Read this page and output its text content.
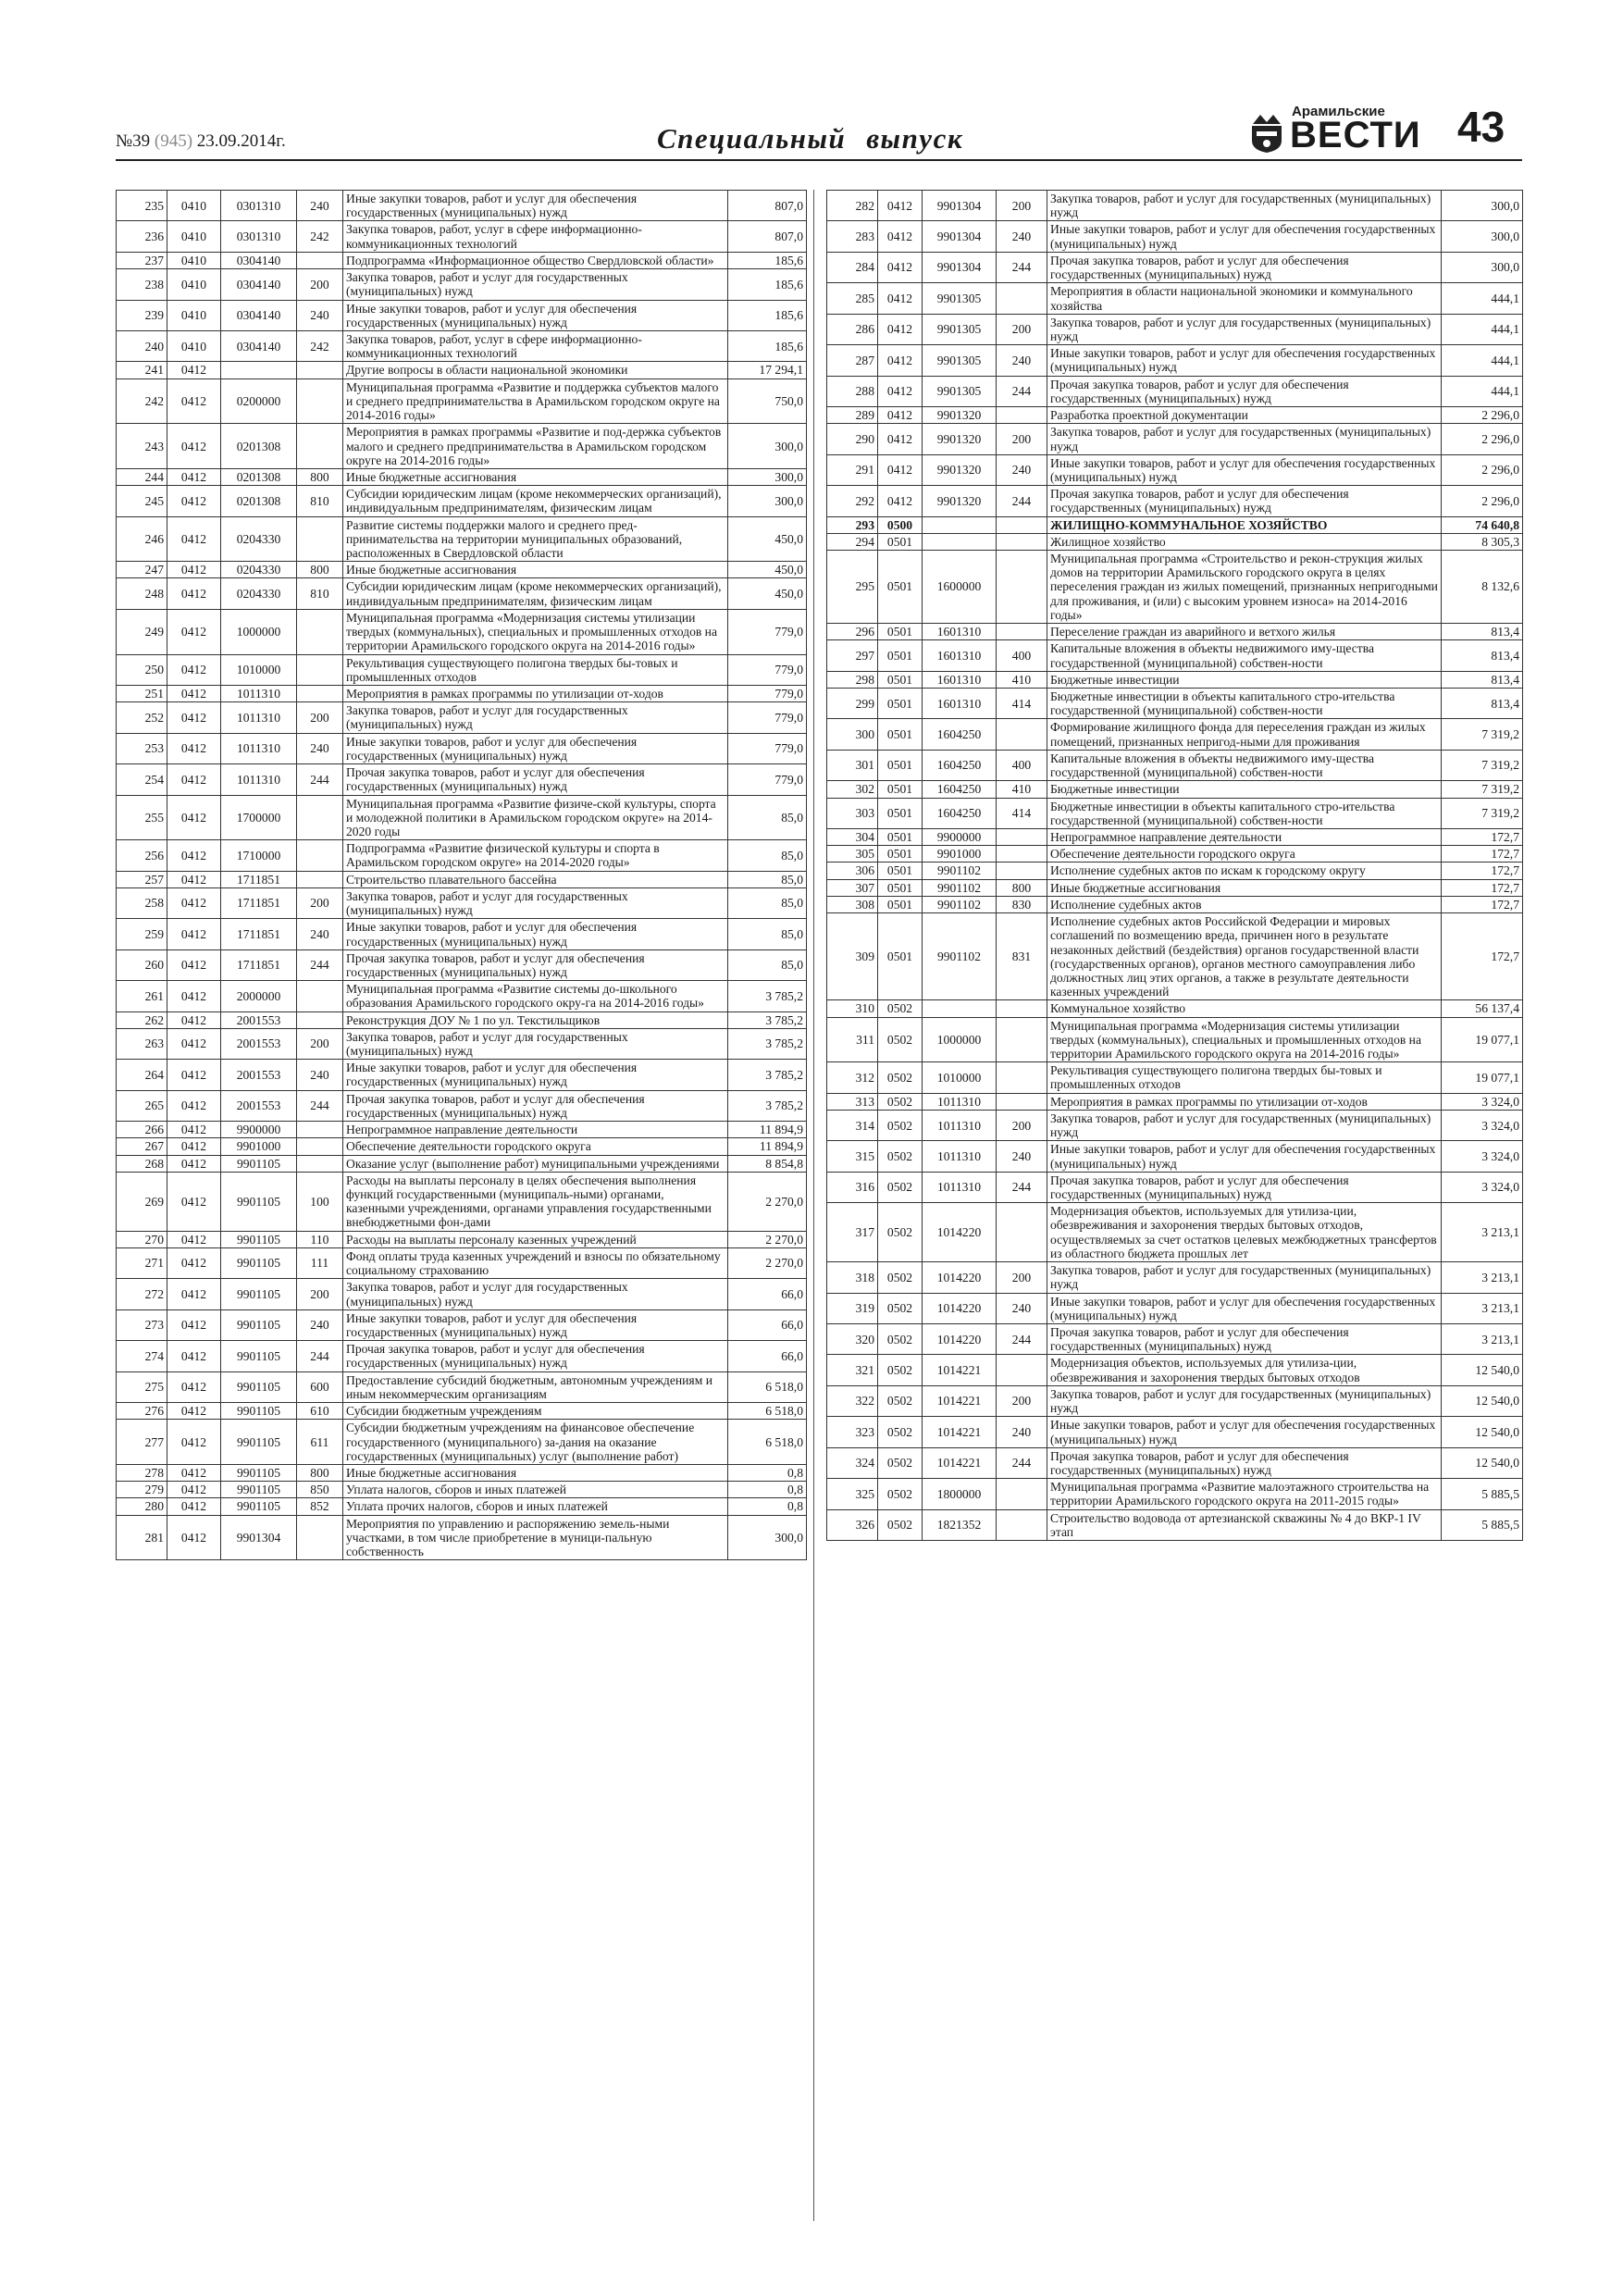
№39 (945) 23.09.2014г.	Специальный выпуск
Арамильские
ВЕСТИ 43
235	0410	0301310	240	Иные закупки товаров, работ и услуг для обеспечения государственных (муниципальных) нужд	807,0
236	0410	0301310	242	Закупка товаров, работ, услуг в сфере информационно-коммуникационных технологий	807,0
237	0410	0304140		Подпрограмма «Информационное общество Свердловской области»	185,6
238	0410	0304140	200	Закупка товаров, работ и услуг для государственных (муниципальных) нужд	185,6
239	0410	0304140	240	Иные закупки товаров, работ и услуг для обеспечения государственных (муниципальных) нужд	185,6
240	0410	0304140	242	Закупка товаров, работ, услуг в сфере информационно-коммуникационных технологий	185,6
241	0412			Другие вопросы в области национальной экономики	17 294,1
242	0412	0200000		Муниципальная программа «Развитие и поддержка субъектов малого и среднего предпринимательства в Арамильском городском округе на 2014-2016 годы»	750,0
243	0412	0201308		Мероприятия в рамках программы «Развитие и под-держка субъектов малого и среднего предпринимательства в Арамильском городском округе на 2014-2016 годы»	300,0
244	0412	0201308	800	Иные бюджетные ассигнования	300,0
245	0412	0201308	810	Субсидии юридическим лицам (кроме некоммерческих организаций), индивидуальным предпринимателям, физическим лицам	300,0
246	0412	0204330		Развитие системы поддержки малого и среднего пред-принимательства на территории муниципальных образований, расположенных в Свердловской области	450,0
247	0412	0204330	800	Иные бюджетные ассигнования	450,0
248	0412	0204330	810	Субсидии юридическим лицам (кроме некоммерческих организаций), индивидуальным предпринимателям, физическим лицам	450,0
249	0412	1000000		Муниципальная программа «Модернизация системы утилизации твердых (коммунальных), специальных и промышленных отходов на территории Арамильского городского округа на 2014-2016 годы»	779,0
250	0412	1010000		Рекультивация существующего полигона твердых бы-товых и промышленных отходов	779,0
251	0412	1011310		Мероприятия в рамках программы по утилизации от-ходов	779,0
252	0412	1011310	200	Закупка товаров, работ и услуг для государственных (муниципальных) нужд	779,0
253	0412	1011310	240	Иные закупки товаров, работ и услуг для обеспечения государственных (муниципальных) нужд	779,0
254	0412	1011310	244	Прочая закупка товаров, работ и услуг для обеспечения государственных (муниципальных) нужд	779,0
255	0412	1700000		Муниципальная программа «Развитие физиче-ской культуры, спорта и молодежной политики в Арамильском городском округе» на 2014-2020 годы	85,0
256	0412	1710000		Подпрограмма «Развитие физической культуры и спорта в Арамильском городском округе» на 2014-2020 годы»	85,0
257	0412	1711851		Строительство плавательного бассейна	85,0
258	0412	1711851	200	Закупка товаров, работ и услуг для государственных (муниципальных) нужд	85,0
259	0412	1711851	240	Иные закупки товаров, работ и услуг для обеспечения государственных (муниципальных) нужд	85,0
260	0412	1711851	244	Прочая закупка товаров, работ и услуг для обеспечения государственных (муниципальных) нужд	85,0
261	0412	2000000		Муниципальная программа «Развитие системы до-школьного образования Арамильского городского окру-га на 2014-2016 годы»	3 785,2
262	0412	2001553		Реконструкция ДОУ № 1 по ул. Текстильщиков	3 785,2
263	0412	2001553	200	Закупка товаров, работ и услуг для государственных (муниципальных) нужд	3 785,2
264	0412	2001553	240	Иные закупки товаров, работ и услуг для обеспечения государственных (муниципальных) нужд	3 785,2
265	0412	2001553	244	Прочая закупка товаров, работ и услуг для обеспечения государственных (муниципальных) нужд	3 785,2
266	0412	9900000		Непрограммное направление деятельности	11 894,9
267	0412	9901000		Обеспечение деятельности городского округа	11 894,9
268	0412	9901105		Оказание услуг (выполнение работ) муниципальными учреждениями	8 854,8
269	0412	9901105	100	Расходы на выплаты персоналу в целях обеспечения выполнения функций государственными (муниципаль-ными) органами, казенными учреждениями, органами управления государственными внебюджетными фон-дами	2 270,0
270	0412	9901105	110	Расходы на выплаты персоналу казенных учреждений	2 270,0
271	0412	9901105	111	Фонд оплаты труда казенных учреждений и взносы по обязательному социальному страхованию	2 270,0
272	0412	9901105	200	Закупка товаров, работ и услуг для государственных (муниципальных) нужд	66,0
273	0412	9901105	240	Иные закупки товаров, работ и услуг для обеспечения государственных (муниципальных) нужд	66,0
274	0412	9901105	244	Прочая закупка товаров, работ и услуг для обеспечения государственных (муниципальных) нужд	66,0
275	0412	9901105	600	Предоставление субсидий бюджетным, автономным учреждениям и иным некоммерческим организациям	6 518,0
276	0412	9901105	610	Субсидии бюджетным учреждениям	6 518,0
277	0412	9901105	611	Субсидии бюджетным учреждениям на финансовое обеспечение государственного (муниципального) за-дания на оказание государственных (муниципальных) услуг (выполнение работ)	6 518,0
278	0412	9901105	800	Иные бюджетные ассигнования	0,8
279	0412	9901105	850	Уплата налогов, сборов и иных платежей	0,8
280	0412	9901105	852	Уплата прочих налогов, сборов и иных платежей	0,8
281	0412	9901304		Мероприятия по управлению и распоряжению земель-ными участками, в том числе приобретение в муници-пальную собственность	300,0
282	0412	9901304	200	Закупка товаров, работ и услуг для государственных (муниципальных) нужд	300,0
283	0412	9901304	240	Иные закупки товаров, работ и услуг для обеспечения государственных (муниципальных) нужд	300,0
284	0412	9901304	244	Прочая закупка товаров, работ и услуг для обеспечения государственных (муниципальных) нужд	300,0
285	0412	9901305		Мероприятия в области национальной экономики и коммунального хозяйства	444,1
286	0412	9901305	200	Закупка товаров, работ и услуг для государственных (муниципальных) нужд	444,1
287	0412	9901305	240	Иные закупки товаров, работ и услуг для обеспечения государственных (муниципальных) нужд	444,1
288	0412	9901305	244	Прочая закупка товаров, работ и услуг для обеспечения государственных (муниципальных) нужд	444,1
289	0412	9901320		Разработка проектной документации	2 296,0
290	0412	9901320	200	Закупка товаров, работ и услуг для государственных (муниципальных) нужд	2 296,0
291	0412	9901320	240	Иные закупки товаров, работ и услуг для обеспечения государственных (муниципальных) нужд	2 296,0
292	0412	9901320	244	Прочая закупка товаров, работ и услуг для обеспечения государственных (муниципальных) нужд	2 296,0
293	0500			ЖИЛИЩНО-КОММУНАЛЬНОЕ ХОЗЯЙСТВО	74 640,8
294	0501			Жилищное хозяйство	8 305,3
295	0501	1600000		Муниципальная программа «Строительство и рекон-струкция жилых домов на территории Арамильского городского округа в целях переселения граждан из жилых помещений, признанных непригодными для проживания, и (или) с высоким уровнем износа» на 2014-2016 годы»	8 132,6
296	0501	1601310		Переселение граждан из аварийного и ветхого жилья	813,4
297	0501	1601310	400	Капитальные вложения в объекты недвижимого иму-щества государственной (муниципальной) собствен-ности	813,4
298	0501	1601310	410	Бюджетные инвестиции	813,4
299	0501	1601310	414	Бюджетные инвестиции в объекты капитального стро-ительства государственной (муниципальной) собствен-ности	813,4
300	0501	1604250		Формирование жилищного фонда для переселения граждан из жилых помещений, признанных непригод-ными для проживания	7 319,2
301	0501	1604250	400	Капитальные вложения в объекты недвижимого иму-щества государственной (муниципальной) собствен-ности	7 319,2
302	0501	1604250	410	Бюджетные инвестиции	7 319,2
303	0501	1604250	414	Бюджетные инвестиции в объекты капитального стро-ительства государственной (муниципальной) собствен-ности	7 319,2
304	0501	9900000		Непрограммное направление деятельности	172,7
305	0501	9901000		Обеспечение деятельности городского округа	172,7
306	0501	9901102		Исполнение судебных актов по искам к городскому округу	172,7
307	0501	9901102	800	Иные бюджетные ассигнования	172,7
308	0501	9901102	830	Исполнение судебных актов	172,7
309	0501	9901102	831	Исполнение судебных актов Российской Федерации и мировых соглашений по возмещению вреда, причинен ного в результате незаконных действий (бездействия) органов государственной власти (государственных органов), органов местного самоуправления либо должностных лиц этих органов, а также в результате деятельности казенных учреждений	172,7
310	0502			Коммунальное хозяйство	56 137,4
311	0502	1000000		Муниципальная программа «Модернизация системы утилизации твердых (коммунальных), специальных и промышленных отходов на территории Арамильского городского округа на 2014-2016 годы»	19 077,1
312	0502	1010000		Рекультивация существующего полигона твердых бы-товых и промышленных отходов	19 077,1
313	0502	1011310		Мероприятия в рамках программы по утилизации от-ходов	3 324,0
314	0502	1011310	200	Закупка товаров, работ и услуг для государственных (муниципальных) нужд	3 324,0
315	0502	1011310	240	Иные закупки товаров, работ и услуг для обеспечения государственных (муниципальных) нужд	3 324,0
316	0502	1011310	244	Прочая закупка товаров, работ и услуг для обеспечения государственных (муниципальных) нужд	3 324,0
317	0502	1014220		Модернизация объектов, используемых для утилиза-ции, обезвреживания и захоронения твердых бытовых отходов, осуществляемых за счет остатков целевых межбюджетных трансфертов из областного бюджета прошлых лет	3 213,1
318	0502	1014220	200	Закупка товаров, работ и услуг для государственных (муниципальных) нужд	3 213,1
319	0502	1014220	240	Иные закупки товаров, работ и услуг для обеспечения государственных (муниципальных) нужд	3 213,1
320	0502	1014220	244	Прочая закупка товаров, работ и услуг для обеспечения государственных (муниципальных) нужд	3 213,1
321	0502	1014221		Модернизация объектов, используемых для утилиза-ции, обезвреживания и захоронения твердых бытовых отходов	12 540,0
322	0502	1014221	200	Закупка товаров, работ и услуг для государственных (муниципальных) нужд	12 540,0
323	0502	1014221	240	Иные закупки товаров, работ и услуг для обеспечения государственных (муниципальных) нужд	12 540,0
324	0502	1014221	244	Прочая закупка товаров, работ и услуг для обеспечения государственных (муниципальных) нужд	12 540,0
325	0502	1800000		Муниципальная программа «Развитие малоэтажного строительства на территории Арамильского городского округа на 2011-2015 годы»	5 885,5
326	0502	1821352		Строительство водовода от артезианской скважины № 4 до ВКР-1 IV этап	5 885,5
